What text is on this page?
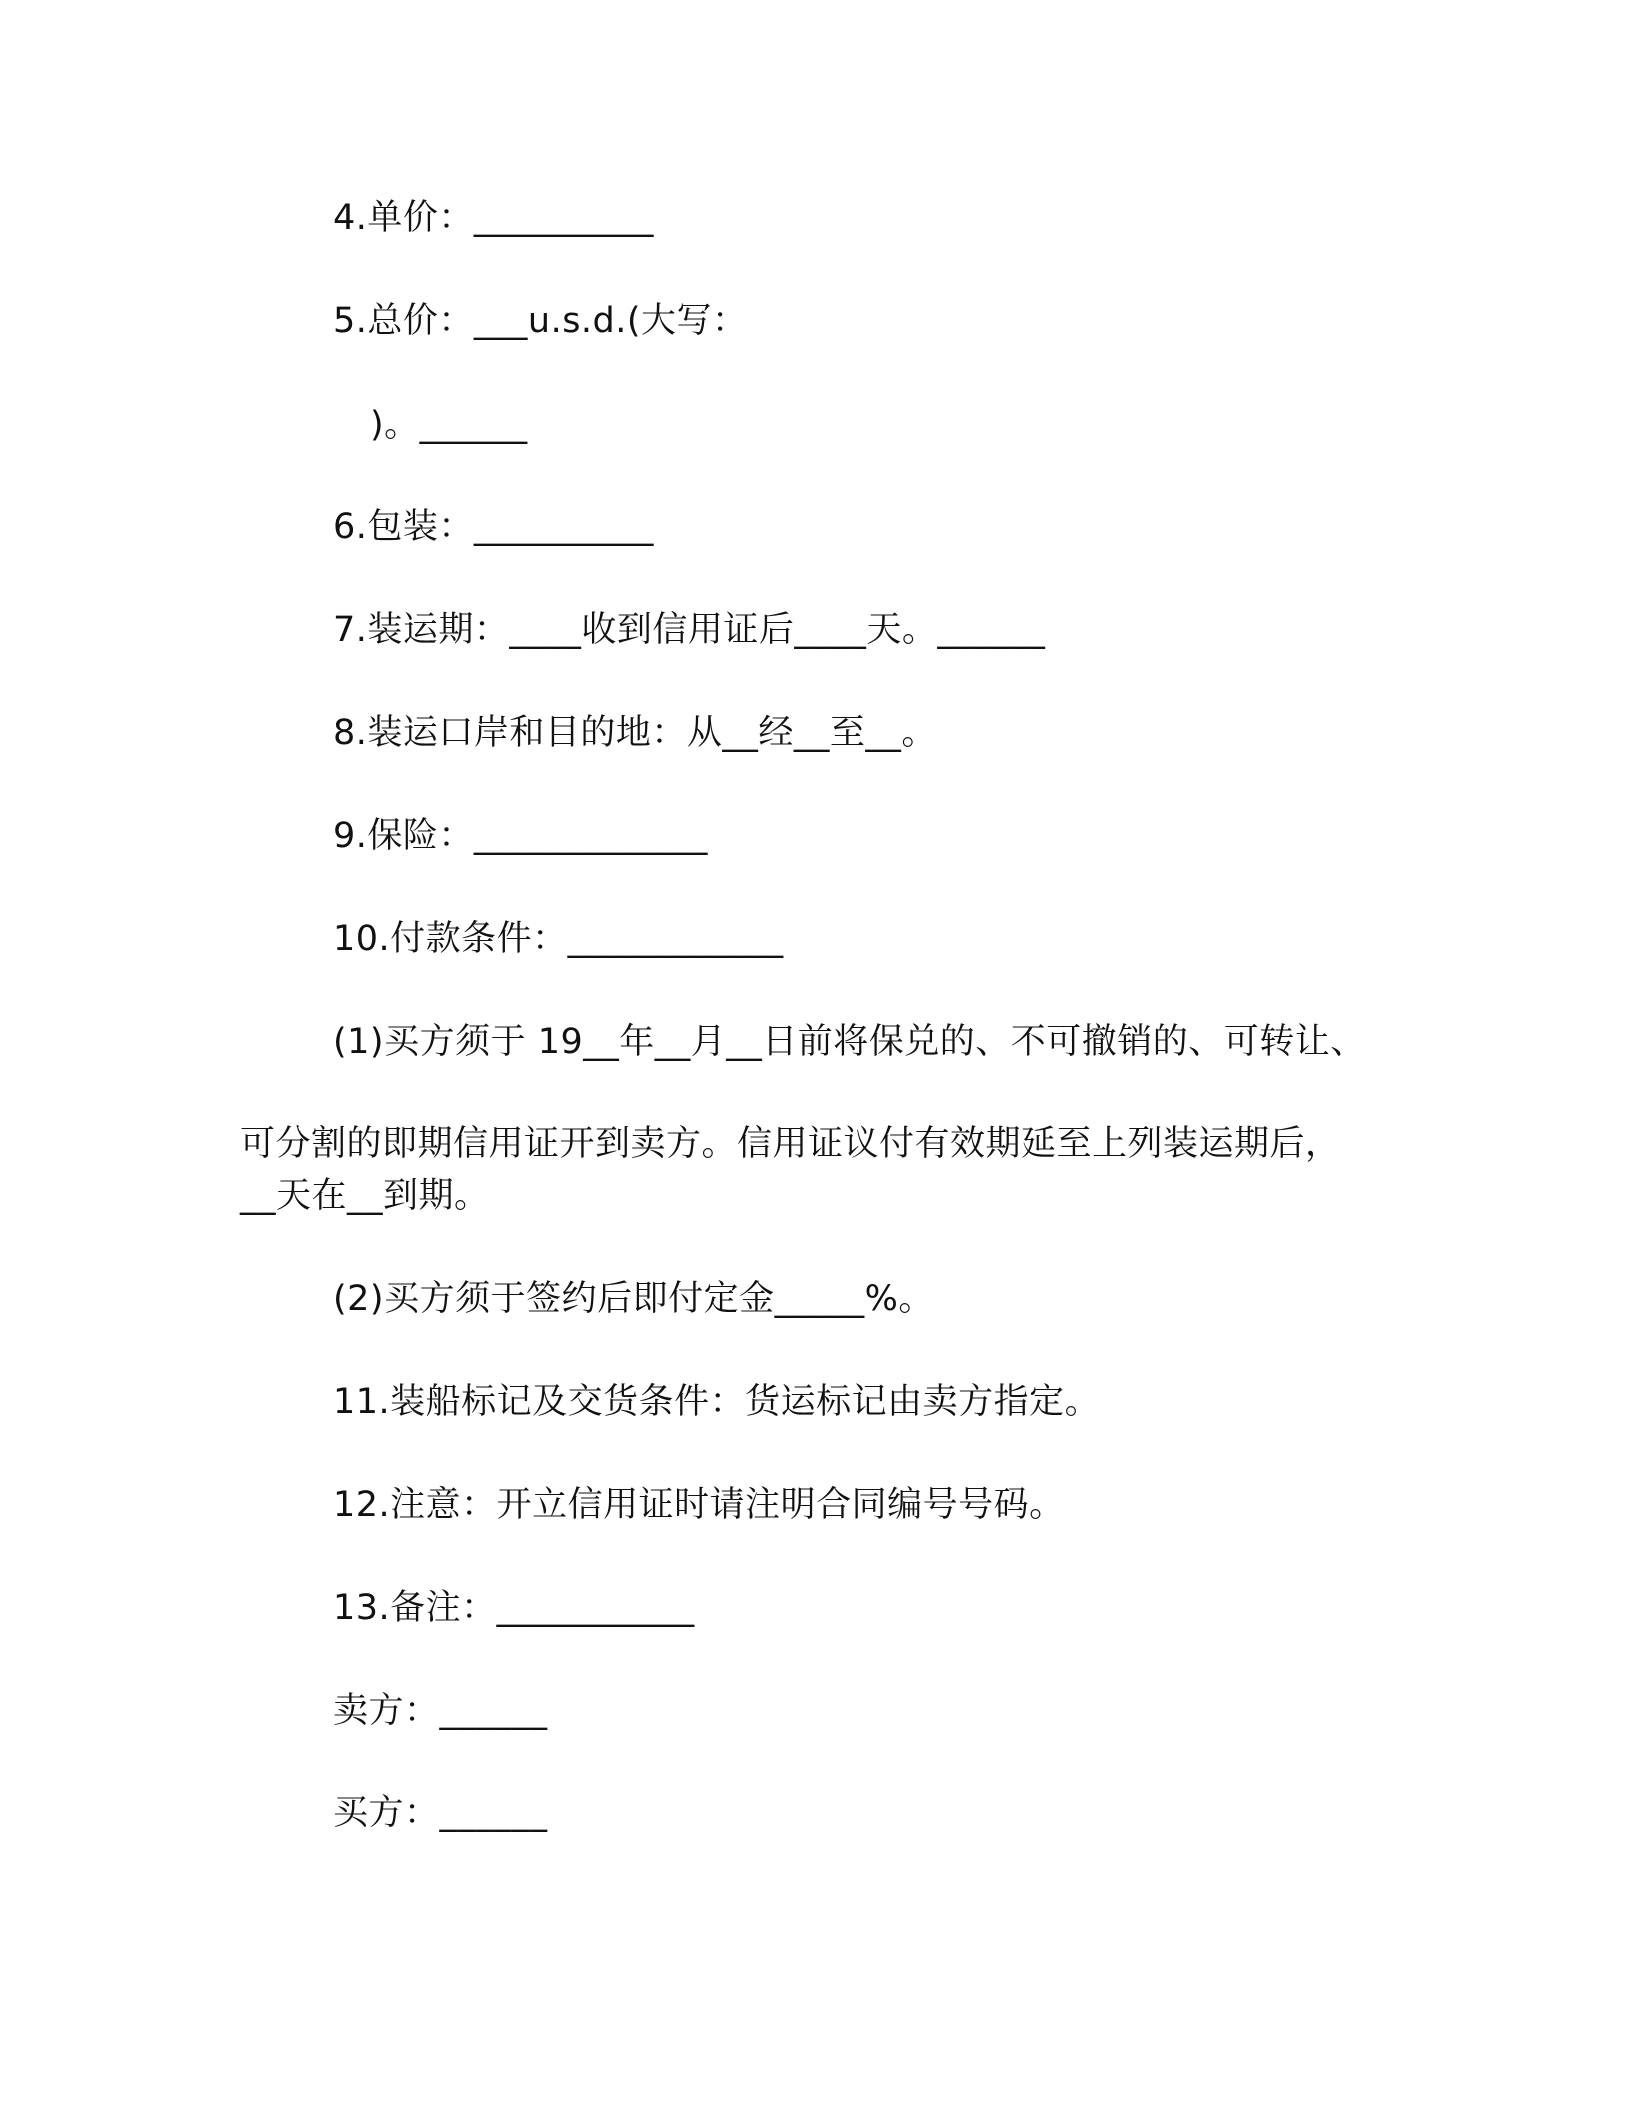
4.单价：__________
5.总价：___u.s.d.(大写：
)。______
6.包装：__________
7.装运期：____收到信用证后____天。______
8.装运口岸和目的地：从__经__至__。
9.保险：_____________
10.付款条件：____________
(1)买方须于 19__年__月__日前将保兑的、不可撤销的、可转让、
可分割的即期信用证开到卖方。信用证议付有效期延至上列装运期后，
__天在__到期。
(2)买方须于签约后即付定金_____%。
11.装船标记及交货条件：货运标记由卖方指定。
12.注意：开立信用证时请注明合同编号号码。
13.备注：___________
卖方：______
买方：______
